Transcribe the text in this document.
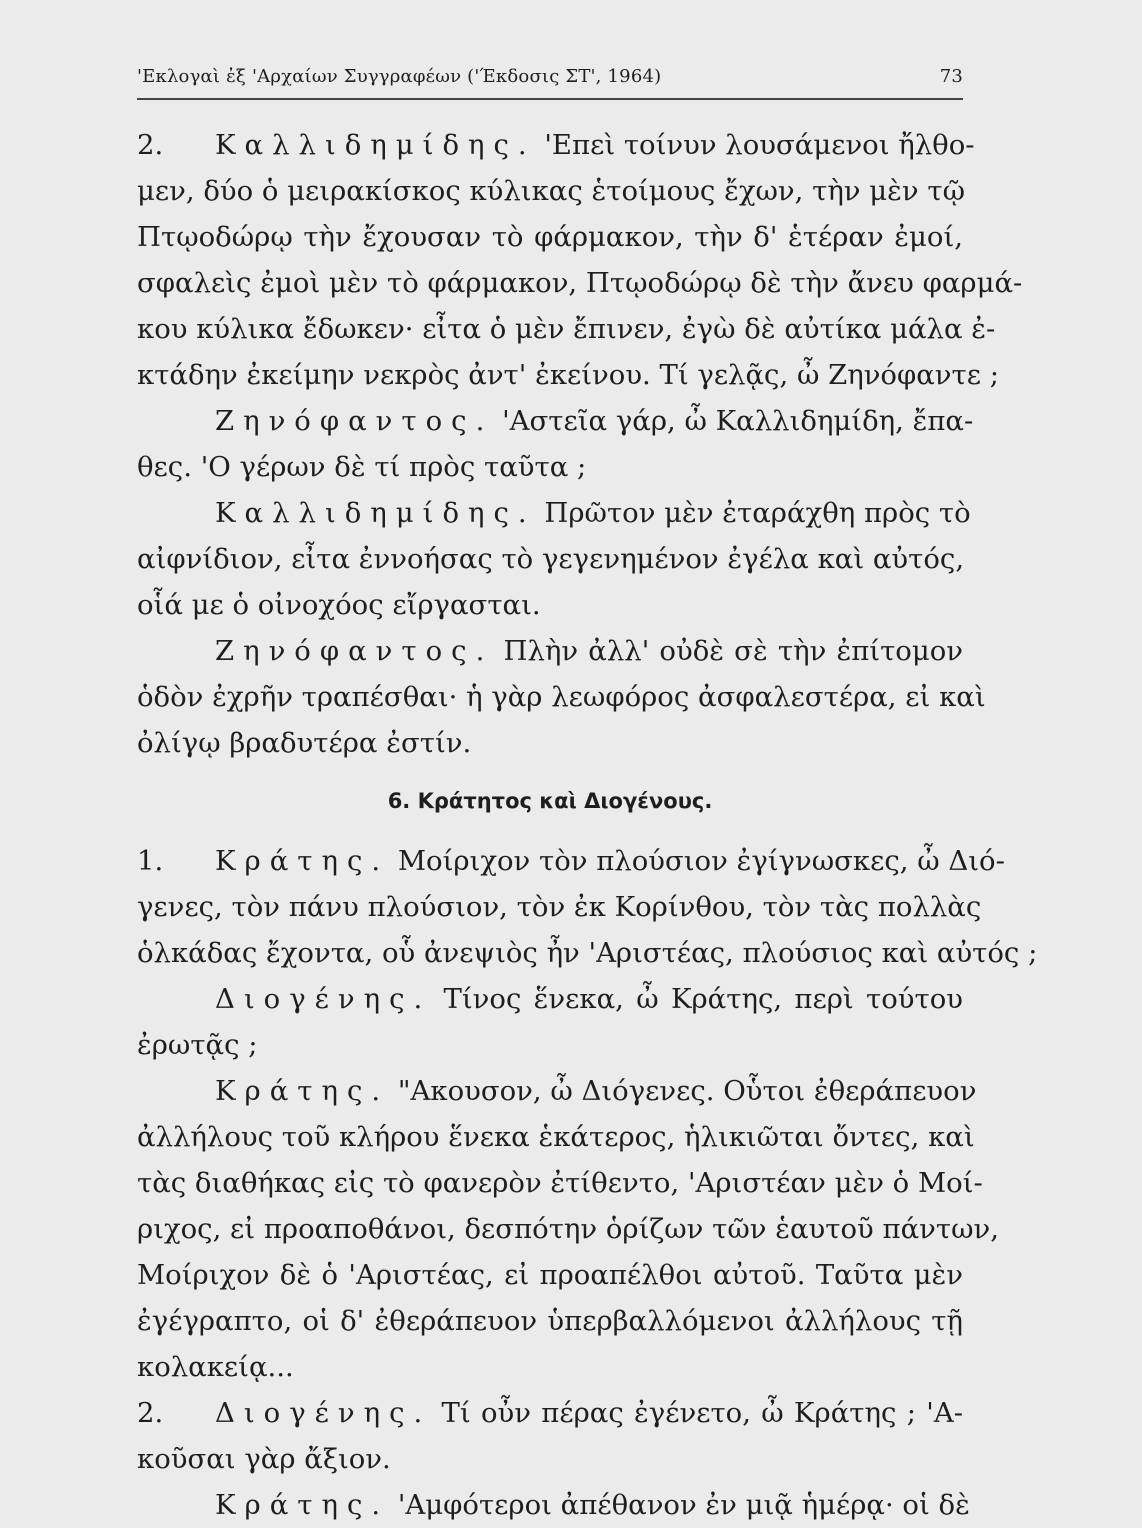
'Εκλογαὶ ἐξ 'Αρχαίων Συγγραφέων ('Έκδοσις ΣΤ', 1964)	73
2. Καλλιδημίδης. 'Επεὶ τοίνυν λουσάμενοι ἤλθο-
μεν, δύο ὁ μειρακίσκος κύλικας ἑτοίμους ἔχων, τὴν μὲν τῷ
Πτῳοδώρῳ τὴν ἔχουσαν τὸ φάρμακον, τὴν δ' ἑτέραν ἐμοί,
σφαλεὶς ἐμοὶ μὲν τὸ φάρμακον, Πτῳοδώρῳ δὲ τὴν ἄνευ φαρμά-
κου κύλικα ἔδωκεν· εἶτα ὁ μὲν ἔπινεν, ἐγὼ δὲ αὐτίκα μάλα ἐ-
κτάδην ἐκείμην νεκρὸς ἀντ' ἐκείνου. Τί γελᾷς, ὦ Ζηνόφαντε ;
Ζηνόφαντος. 'Αστεῖα γάρ, ὦ Καλλιδημίδη, ἔπα-
θες. 'Ο γέρων δὲ τί πρὸς ταῦτα ;
Καλλιδημίδης. Πρῶτον μὲν ἐταράχθη πρὸς τὸ
αἰφνίδιον, εἶτα ἐννοήσας τὸ γεγενημένον ἐγέλα καὶ αὐτός,
οἷά με ὁ οἰνοχόος εἴργασται.
Ζηνόφαντος. Πλὴν ἀλλ' οὐδὲ σὲ τὴν ἐπίτομον
ὁδὸν ἐχρῆν τραπέσθαι· ἡ γὰρ λεωφόρος ἀσφαλεστέρα, εἰ καὶ
ὀλίγῳ βραδυτέρα ἐστίν.
6. Κράτητος καὶ Διογένους.
1. Κράτης. Μοίριχον τὸν πλούσιον ἐγίγνωσκες, ὦ Διό-
γενες, τὸν πάνυ πλούσιον, τὸν ἐκ Κορίνθου, τὸν τὰς πολλὰς
ὁλκάδας ἔχοντα, οὗ ἀνεψιὸς ἦν 'Αριστέας, πλούσιος καὶ αὐτός ;
Διογένης. Τίνος ἕνεκα, ὦ Κράτης, περὶ τούτου
ἐρωτᾷς ;
Κράτης. "Ακουσον, ὦ Διόγενες. Οὗτοι ἐθεράπευον
ἀλλήλους τοῦ κλήρου ἕνεκα ἑκάτερος, ἡλικιῶται ὄντες, καὶ
τὰς διαθήκας εἰς τὸ φανερὸν ἐτίθεντο, 'Αριστέαν μὲν ὁ Μοί-
ριχος, εἰ προαποθάνοι, δεσπότην ὁρίζων τῶν ἑαυτοῦ πάντων,
Μοίριχον δὲ ὁ 'Αριστέας, εἰ προαπέλθοι αὐτοῦ. Ταῦτα μὲν
ἐγέγραπτο, οἱ δ' ἐθεράπευον ὑπερβαλλόμενοι ἀλλήλους τῇ
κολακείᾳ...
2. Διογένης. Τί οὖν πέρας ἐγένετο, ὦ Κράτης ; 'Α-
κοῦσαι γὰρ ἄξιον.
Κράτης. 'Αμφότεροι ἀπέθανον ἐν μιᾷ ἡμέρᾳ· οἱ δὲ
